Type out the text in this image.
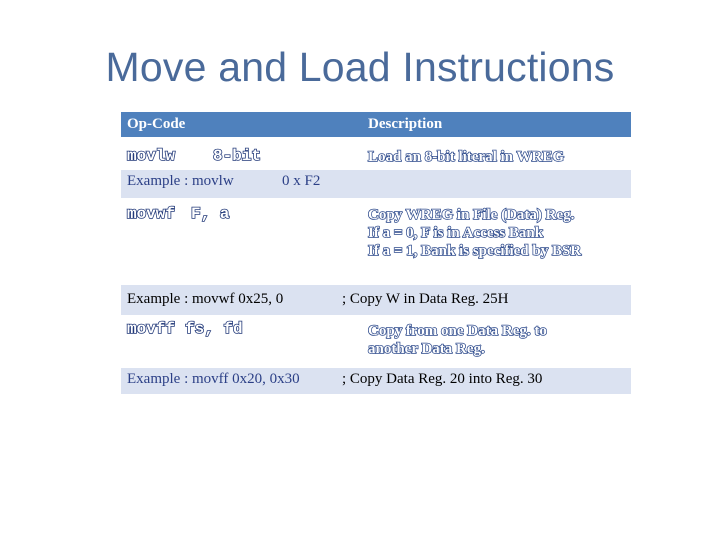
Move and Load Instructions
Op-Code	Description
movlw 8-bit	Load an 8-bit literal in WREG
Example : movlw	0 x F2
movwf F, a	Copy WREG in File (Data) Reg.
If a = 0, F is in Access Bank
If a = 1, Bank is specified by BSR
Example : movwf 0x25, 0	; Copy W in Data Reg. 25H
movff fs, fd	Copy from one Data Reg. to
another Data Reg.
Example : movff 0x20, 0x30	; Copy Data Reg. 20 into Reg. 30
